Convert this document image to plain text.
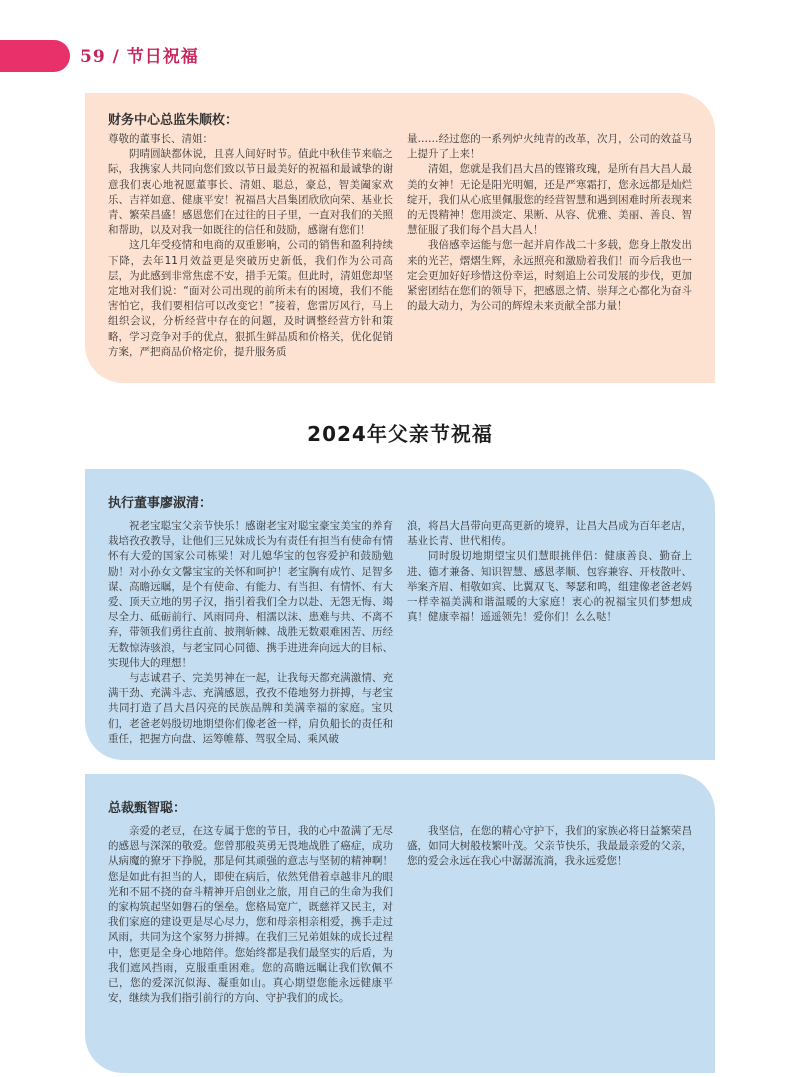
59 / 节日祝福
财务中心总监朱顺枚：

尊敬的董事长、清姐：

阴晴圆缺都休说，且喜人间好时节。值此中秋佳节来临之际，我携家人共同向您们致以节日最美好的祝福和最诚挚的谢意我们衷心地祝愿董事长、清姐、聪总，豪总，智美阖家欢乐、吉祥如意、健康平安！祝福昌大昌集团欣欣向荣、基业长青、繁荣昌盛！感恩您们在过往的日子里，一直对我们的关照和帮助，以及对我一如既往的信任和鼓励，感谢有您们！

这几年受疫情和电商的双重影响，公司的销售和盈利持续下降，去年11月效益更是突破历史新低，我们作为公司高层，为此感到非常焦虑不安，措手无策。但此时，清姐您却坚定地对我们说：“面对公司出现的前所未有的困境，我们不能害怕它，我们要相信可以改变它！”接着，您雷厉风行，马上组织会议，分析经营中存在的问题，及时调整经营方针和策略，学习竞争对手的优点，狠抓生鲜品质和价格关，优化促销方案，严把商品价格定价，提升服务质

量……经过您的一系列炉火纯青的改革，次月，公司的效益马上提升了上来！

清姐，您就是我们昌大昌的铿锵玫瑰，是所有昌大昌人最美的女神！无论是阳光明媚，还是严寒霜打，您永远都是灿烂绽开，我们从心底里佩服您的经营智慧和遇到困难时所表现来的无畏精神！您用淡定、果断、从容、优雅、美丽、善良、智慧征服了我们每个昌大昌人！

我倍感幸运能与您一起并肩作战二十多载，您身上散发出来的光芒，熠熠生辉，永远照亮和激励着我们！而今后我也一定会更加好好珍惜这份幸运，时刻追上公司发展的步伐，更加紧密团结在您们的领导下，把感恩之情、崇拜之心都化为奋斗的最大动力，为公司的辉煌未来贡献全部力量！

2024年父亲节祝福
执行董事廖淑清：

祝老宝聪宝父亲节快乐！感谢老宝对聪宝豪宝美宝的养育栽培孜孜教导，让他们三兄妹成长为有责任有担当有使命有情怀有大爱的国家公司栋梁！对儿媳华宝的包容爱护和鼓励勉励！对小孙女文馨宝宝的关怀和呵护！老宝胸有成竹、足智多谋、高瞻远瞩，是个有使命、有能力、有当担、有情怀、有大爱、顶天立地的男子汉，指引着我们全力以赴、无怨无悔、竭尽全力、砥砺前行、风雨同舟、相濡以沫、患难与共、不离不弃，带领我们勇往直前、披荆斩棘、战胜无数艰难困苦、历经无数惊涛骇浪，与老宝同心同德、携手进进奔向远大的目标、实现伟大的理想！

与志诚君子、完美男神在一起，让我每天都充满激情、充满干劲、充满斗志、充满感恩，孜孜不倦地努力拼搏，与老宝共同打造了昌大昌闪亮的民族品牌和美满幸福的家庭。宝贝们，老爸老妈殷切地期望你们像老爸一样，肩负船长的责任和重任，把握方向盘、运筹帷幕、驾驭全局、乘风破

浪，将昌大昌带向更高更新的境界，让昌大昌成为百年老店，基业长青、世代相传。

同时殷切地期望宝贝们慧眼挑伴侣：健康善良、勤奋上进、德才兼备、知识智慧、感恩孝顺、包容兼容、开枝散叶、举案齐眉、相敬如宾、比翼双飞、琴瑟和鸣，组建像老爸老妈一样幸福美满和谐温暖的大家庭！衷心的祝福宝贝们梦想成真！健康幸福！遥遥领先！爱你们！么么哒！

总裁甄智聪：

亲爱的老豆，在这专属于您的节日，我的心中盈满了无尽的感恩与深深的敬爱。您曾那般英勇无畏地战胜了癌症，成功从病魔的獠牙下挣脱，那是何其顽强的意志与坚韧的精神啊！您是如此有担当的人，即使在病后，依然凭借着卓越非凡的眼光和不屈不挠的奋斗精神开启创业之旅，用自己的生命为我们的家构筑起坚如磐石的堡垒。您格局宽广，既慈祥又民主，对我们家庭的建设更是尽心尽力，您和母亲相亲相爱，携手走过风雨，共同为这个家努力拼搏。在我们三兄弟姐妹的成长过程中，您更是全身心地陪伴。您始终都是我们最坚实的后盾，为我们遮风挡雨，克服重重困难。您的高瞻远瞩让我们钦佩不已，您的爱深沉似海、凝重如山。真心期望您能永远健康平安，继续为我们指引前行的方向、守护我们的成长。

我坚信，在您的精心守护下，我们的家族必将日益繁荣昌盛，如同大树般枝繁叶茂。父亲节快乐，我最最亲爱的父亲，您的爱会永远在我心中潺潺流淌，我永远爱您！
